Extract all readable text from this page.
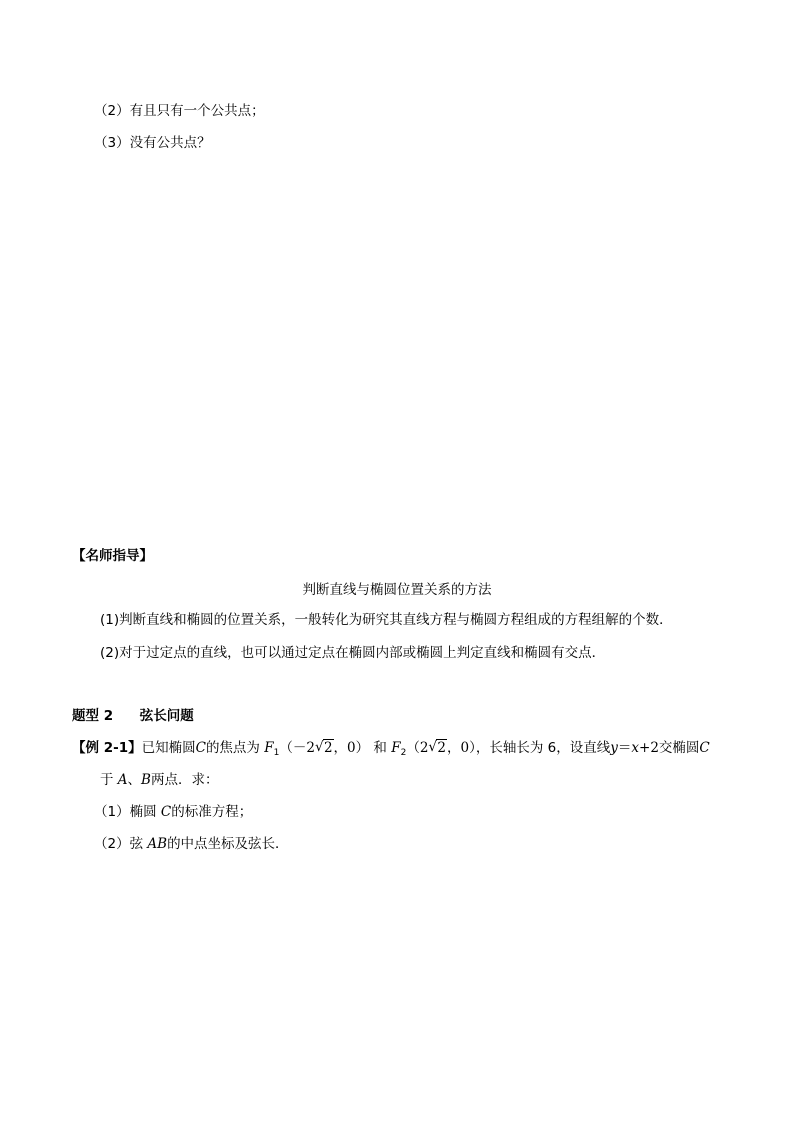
（2）有且只有一个公共点；
（3）没有公共点？
【名师指导】
判断直线与椭圆位置关系的方法
(1)判断直线和椭圆的位置关系，一般转化为研究其直线方程与椭圆方程组成的方程组解的个数．
(2)对于过定点的直线，也可以通过定点在椭圆内部或椭圆上判定直线和椭圆有交点．
题型 2 弦长问题
【例 2-1】已知椭圆C的焦点为 $F_1(-2$ √ 2，0） 和 $F_2(2$ √ 2，0），长轴长为 6，设直线y＝x+2交椭圆C
于 A、B两点．求：
（1）椭圆 C的标准方程；
（2）弦 AB的中点坐标及弦长．
